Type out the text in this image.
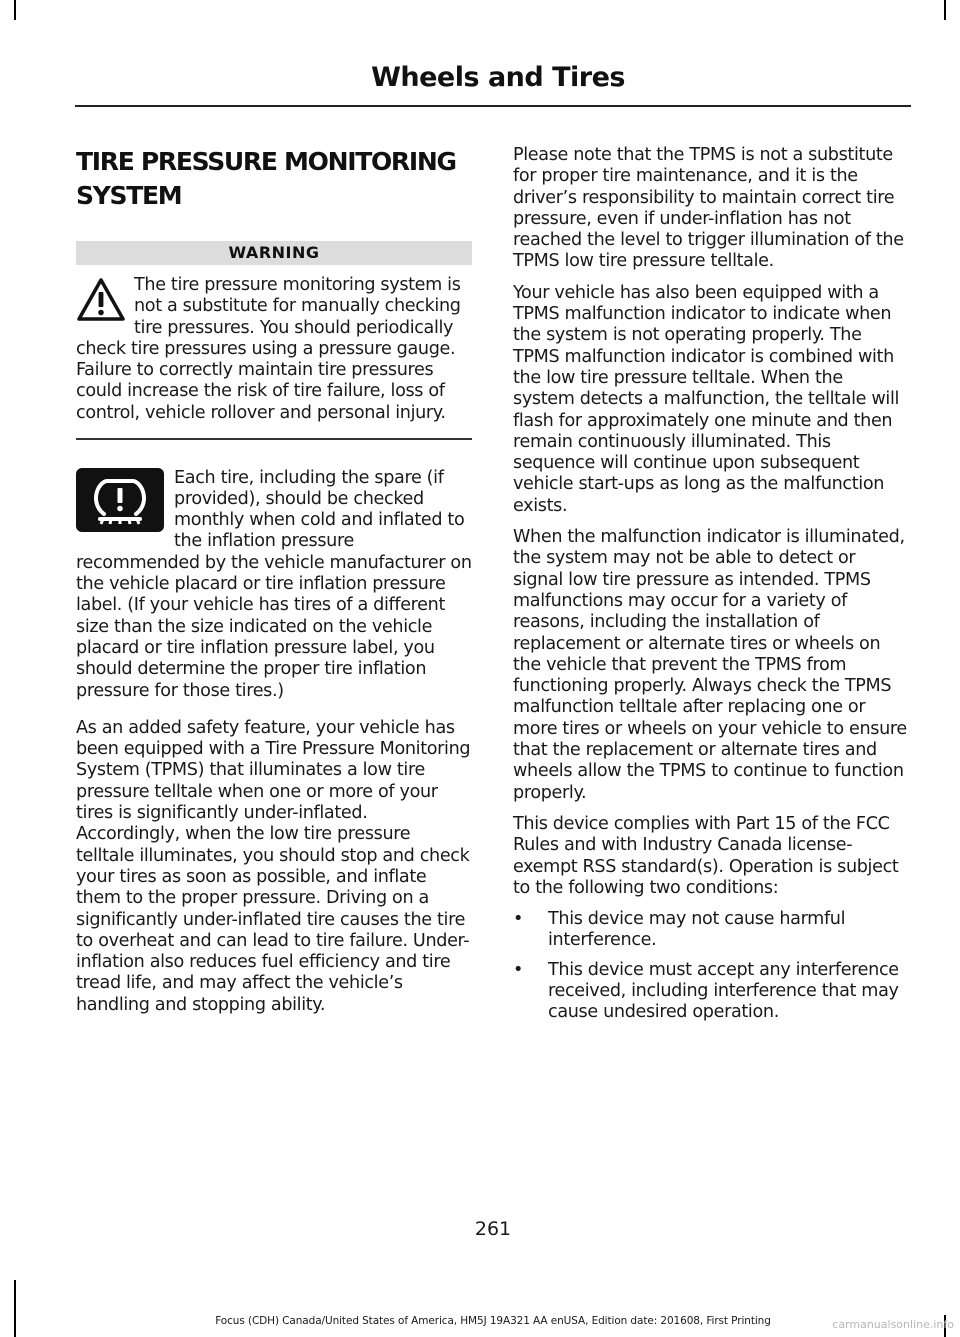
Wheels and Tires
TIRE PRESSURE MONITORING
SYSTEM
WARNING

The tire pressure monitoring system is not a substitute for manually checking tire pressures. You should periodically check tire pressures using a pressure gauge. Failure to correctly maintain tire pressures could increase the risk of tire failure, loss of control, vehicle rollover and personal injury.

Each tire, including the spare (if provided), should be checked monthly when cold and inflated to the inflation pressure recommended by the vehicle manufacturer on the vehicle placard or tire inflation pressure label. (If your vehicle has tires of a different size than the size indicated on the vehicle placard or tire inflation pressure label, you should determine the proper tire inflation pressure for those tires.)

As an added safety feature, your vehicle has been equipped with a Tire Pressure Monitoring System (TPMS) that illuminates a low tire pressure telltale when one or more of your tires is significantly under-inflated. Accordingly, when the low tire pressure telltale illuminates, you should stop and check your tires as soon as possible, and inflate them to the proper pressure. Driving on a significantly under-inflated tire causes the tire to overheat and can lead to tire failure. Under-inflation also reduces fuel efficiency and tire tread life, and may affect the vehicle’s handling and stopping ability.

Please note that the TPMS is not a substitute for proper tire maintenance, and it is the driver’s responsibility to maintain correct tire pressure, even if under-inflation has not reached the level to trigger illumination of the TPMS low tire pressure telltale.

Your vehicle has also been equipped with a TPMS malfunction indicator to indicate when the system is not operating properly. The TPMS malfunction indicator is combined with the low tire pressure telltale. When the system detects a malfunction, the telltale will flash for approximately one minute and then remain continuously illuminated. This sequence will continue upon subsequent vehicle start-ups as long as the malfunction exists.

When the malfunction indicator is illuminated, the system may not be able to detect or signal low tire pressure as intended. TPMS malfunctions may occur for a variety of reasons, including the installation of replacement or alternate tires or wheels on the vehicle that prevent the TPMS from functioning properly. Always check the TPMS malfunction telltale after replacing one or more tires or wheels on your vehicle to ensure that the replacement or alternate tires and wheels allow the TPMS to continue to function properly.

This device complies with Part 15 of the FCC Rules and with Industry Canada license-exempt RSS standard(s). Operation is subject to the following two conditions:

• This device may not cause harmful interference.

• This device must accept any interference received, including interference that may cause undesired operation.

261
Focus (CDH) Canada/United States of America, HM5J 19A321 AA enUSA, Edition date: 201608, First Printing	carmanualsonline.info
